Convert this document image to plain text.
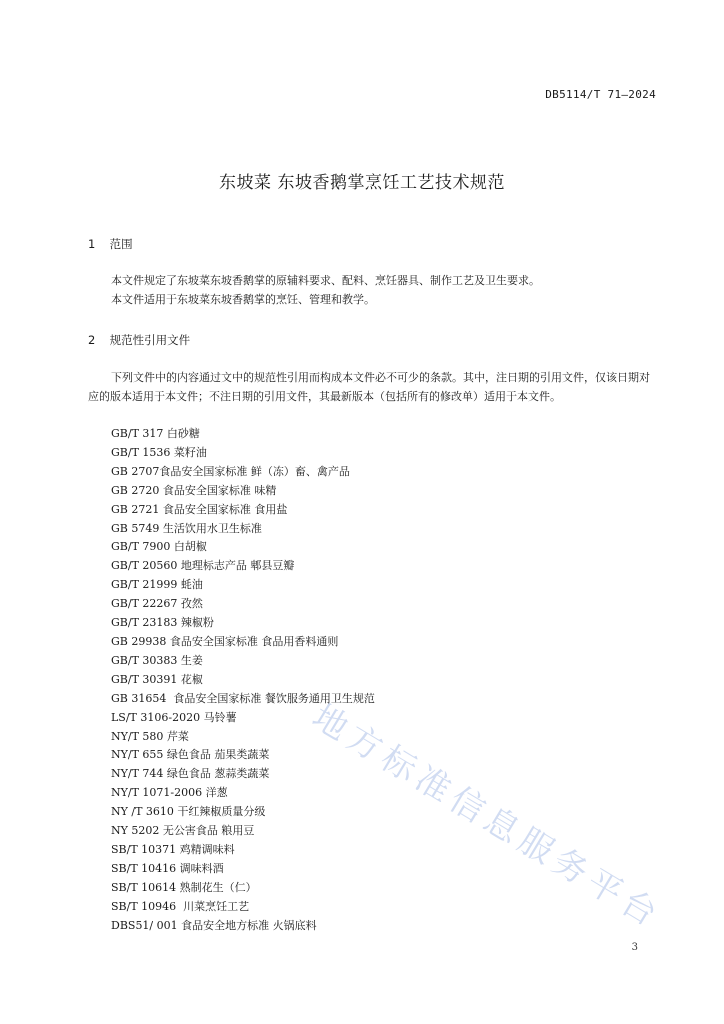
DB5114/T 71—2024
东坡菜 东坡香鹅掌烹饪工艺技术规范
1 范围

本文件规定了东坡菜东坡香鹅掌的原辅料要求、配料、烹饪器具、制作工艺及卫生要求。

本文件适用于东坡菜东坡香鹅掌的烹饪、管理和教学。

2 规范性引用文件

下列文件中的内容通过文中的规范性引用而构成本文件必不可少的条款。其中，注日期的引用文件，仅该日期对应的版本适用于本文件；不注日期的引用文件，其最新版本（包括所有的修改单）适用于本文件。

GB/T 317 白砂糖
GB/T 1536 菜籽油
GB 2707食品安全国家标准 鲜（冻）畜、禽产品
GB 2720 食品安全国家标准 味精
GB 2721 食品安全国家标准 食用盐
GB 5749 生活饮用水卫生标准
GB/T 7900 白胡椒
GB/T 20560 地理标志产品 郫县豆瓣
GB/T 21999 蚝油
GB/T 22267 孜然
GB/T 23183 辣椒粉
GB 29938 食品安全国家标准 食品用香料通则
GB/T 30383 生姜
GB/T 30391 花椒
GB 31654  食品安全国家标准 餐饮服务通用卫生规范
LS/T 3106-2020 马铃薯
NY/T 580 芹菜
NY/T 655 绿色食品 茄果类蔬菜
NY/T 744 绿色食品 葱蒜类蔬菜
NY/T 1071-2006 洋葱
NY /T 3610 干红辣椒质量分级
NY 5202 无公害食品 粮用豆
SB/T 10371 鸡精调味料
SB/T 10416 调味料酒
SB/T 10614 熟制花生（仁）
SB/T 10946  川菜烹饪工艺
DBS51/ 001 食品安全地方标准 火锅底料
地方标准信息服务平台
3
